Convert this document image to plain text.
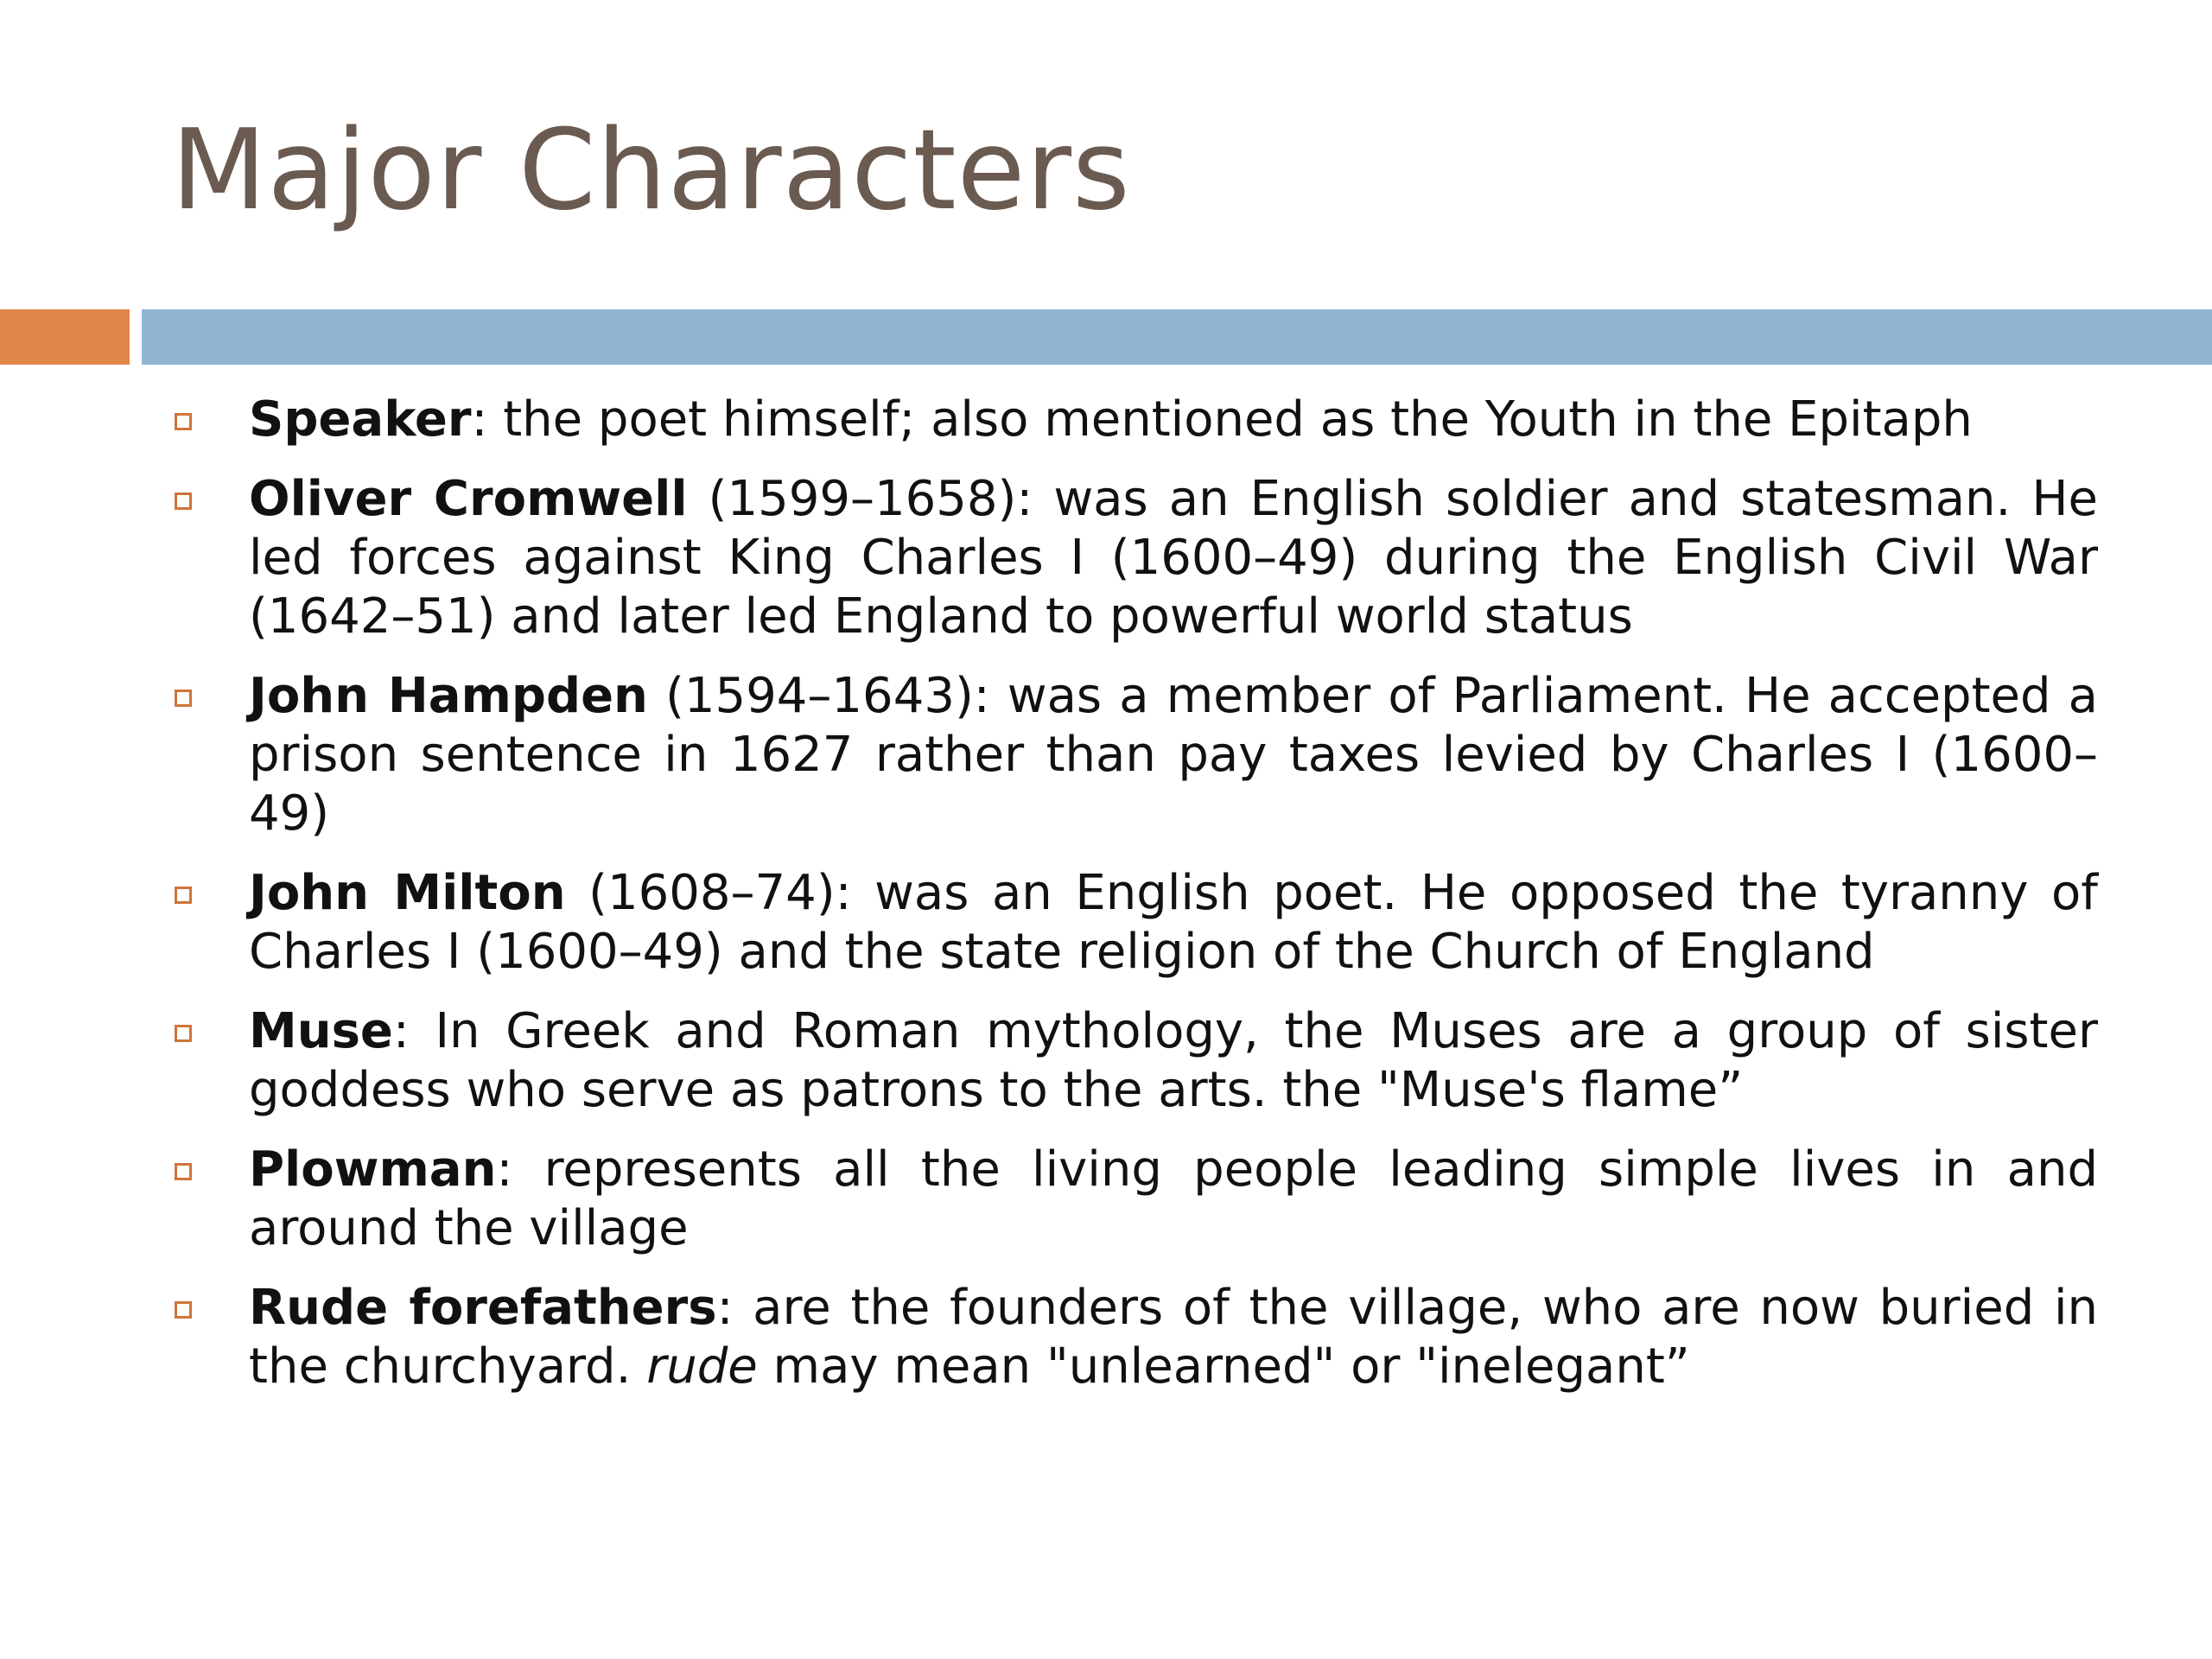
Major Characters
Speaker: the poet himself; also mentioned as the Youth in the Epitaph
Oliver Cromwell (1599–1658): was an English soldier and statesman. He led forces against King Charles I (1600–49) during the English Civil War (1642–51) and later led England to powerful world status
John Hampden (1594–1643): was a member of Parliament. He accepted a prison sentence in 1627 rather than pay taxes levied by Charles I (1600–49)
John Milton (1608–74): was an English poet. He opposed the tyranny of Charles I (1600–49) and the state religion of the Church of England
Muse: In Greek and Roman mythology, the Muses are a group of sister goddess who serve as patrons to the arts. the "Muse's flame”
Plowman: represents all the living people leading simple lives in and around the village
Rude forefathers: are the founders of the village, who are now buried in the churchyard. rude may mean "unlearned" or "inelegant”
